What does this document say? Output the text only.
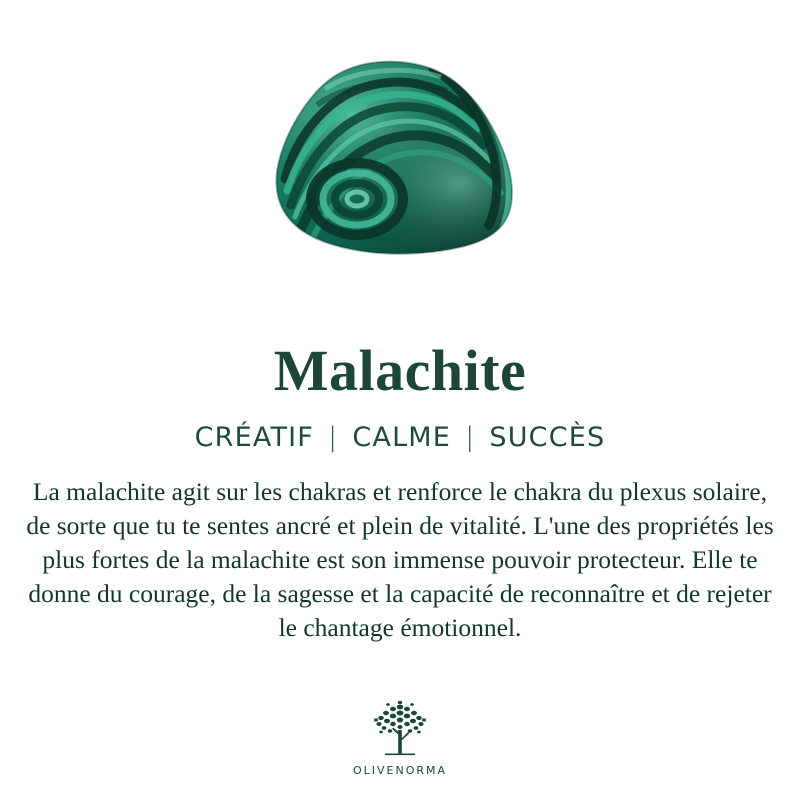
Malachite
CRÉATIF | CALME | SUCCÈS

La malachite agit sur les chakras et renforce le chakra du plexus solaire, de sorte que tu te sentes ancré et plein de vitalité. L'une des propriétés les plus fortes de la malachite est son immense pouvoir protecteur. Elle te donne du courage, de la sagesse et la capacité de reconnaître et de rejeter le chantage émotionnel.

OLIVENORMA
